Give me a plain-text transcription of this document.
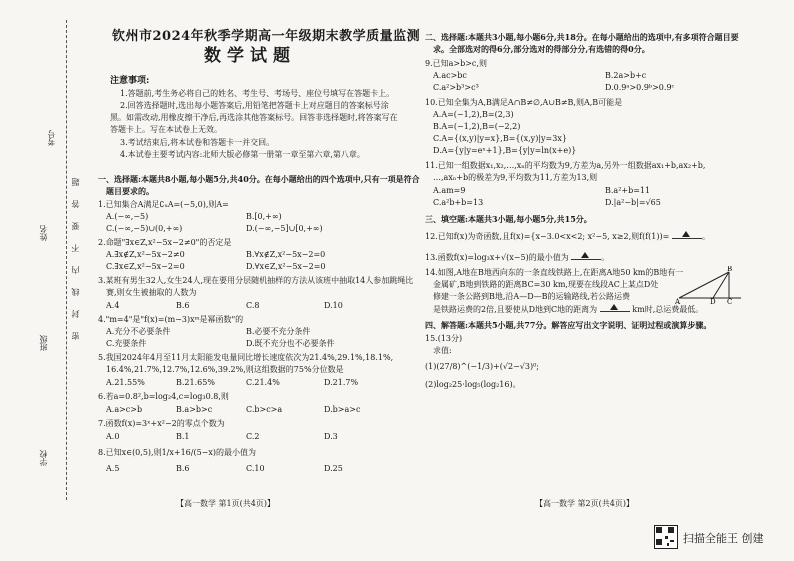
考号
姓名
班级
学校
题
答
要
不
内
线
封
密
钦州市2024年秋季学期高一年级期末教学质量监测
数学试题
注意事项:
1.答题前,考生务必将自己的姓名、考生号、考场号、座位号填写在答题卡上。
2.回答选择题时,选出每小题答案后,用铅笔把答题卡上对应题目的答案标号涂
黑。如需改动,用橡皮擦干净后,再选涂其他答案标号。回答非选择题时,将答案写在
答题卡上。写在本试卷上无效。
3.考试结束后,将本试卷和答题卡一并交回。
4.本试卷主要考试内容:北师大版必修第一册第一章至第六章,第八章。
一、选择题:本题共8小题,每小题5分,共40分。在每小题给出的四个选项中,只有一项是符合
题目要求的。
1.已知集合A满足∁ᵤA=(−5,0),则A=
A.(−∞,−5)	B.[0,+∞)
C.(−∞,−5)∪(0,+∞)	D.(−∞,−5]∪[0,+∞)
2.命题"∃x∈Z,x²−5x−2≠0"的否定是
A.∃x∉Z,x²−5x−2≠0	B.∀x∉Z,x²−5x−2=0
C.∃x∈Z,x²−5x−2=0	D.∀x∈Z,x²−5x−2=0
3.某班有男生32人,女生24人,现在要用分层随机抽样的方法从该班中抽取14人参加跳绳比
赛,则女生被抽取的人数为
A.4	B.6	C.8	D.10
4."m=4"是"f(x)=(m−3)xᵐ是幂函数"的
A.充分不必要条件	B.必要不充分条件
C.充要条件	D.既不充分也不必要条件
5.我国2024年4月至11月太阳能发电量同比增长速度依次为21.4%,29.1%,18.1%,
16.4%,21.7%,12.7%,12.6%,39.2%,则这组数据的75%分位数是
A.21.55%	B.21.65%	C.21.4%	D.21.7%
6.若a=0.8²,b=log₂4,c=log₃0.8,则
A.a>c>b	B.a>b>c	C.b>c>a	D.b>a>c
7.函数f(x)=3ˣ+x²−2的零点个数为
A.0	B.1	C.2	D.3
8.已知x∈(0,5),则1/x+16/(5−x)的最小值为
A.5	B.6	C.10	D.25
【高一数学 第1页(共4页)】
二、选择题:本题共3小题,每小题6分,共18分。在每小题给出的选项中,有多项符合题目要
求。全部选对的得6分,部分选对的得部分分,有选错的得0分。
9.已知a>b>c,则
A.ac>bc	B.2a>b+c
C.a²>b³>c³	D.0.9ᵃ>0.9ᵇ>0.9ᶜ
10.已知全集为A,B满足A∩B≠∅,A∪B≠B,则A,B可能是
A.A=(−1,2),B=(2,3)
B.A=(−1,2),B=(−2,2)
C.A={(x,y)|y=x},B={(x,y)|y=3x}
D.A={y|y=eˣ+1},B={y|y=ln(x+e)}
11.已知一组数据x₁,x₂,…,xₙ的平均数为9,方差为a,另外一组数据ax₁+b,ax₂+b,
…,axₙ+b的极差为9,平均数为11,方差为13,则
A.am=9	B.a²+b=11
C.a²b+b=13	D.|a²−b|=√65
三、填空题:本题共3小题,每小题5分,共15分。
12.已知f(x)为奇函数,且f(x)={x−3.0<x<2; x²−5, x≥2,则f(f(1))=	。
13.函数f(x)=log₃x+√(x−5)的最小值为	。
14.如图,A地在B地西向东的一条直线铁路上,在距离A地50 km的B地有一
金属矿,B地到铁路的距离BC=30 km,现要在线段AC上某点D处
修建一条公路到B地,沿A—D—B的运输路线,若公路运费
是铁路运费的2倍,且要使从D地到C地的距离为	km时,总运费最低。
B
A	D C
四、解答题:本题共5小题,共77分。解答应写出文字说明、证明过程或演算步骤。
15.(13分)
求值:
(1)(27/8)^(−1/3)+(√2−√3)⁰;
(2)log₂25·log₅(log₂16)。
【高一数学 第2页(共4页)】
扫描全能王 创建
